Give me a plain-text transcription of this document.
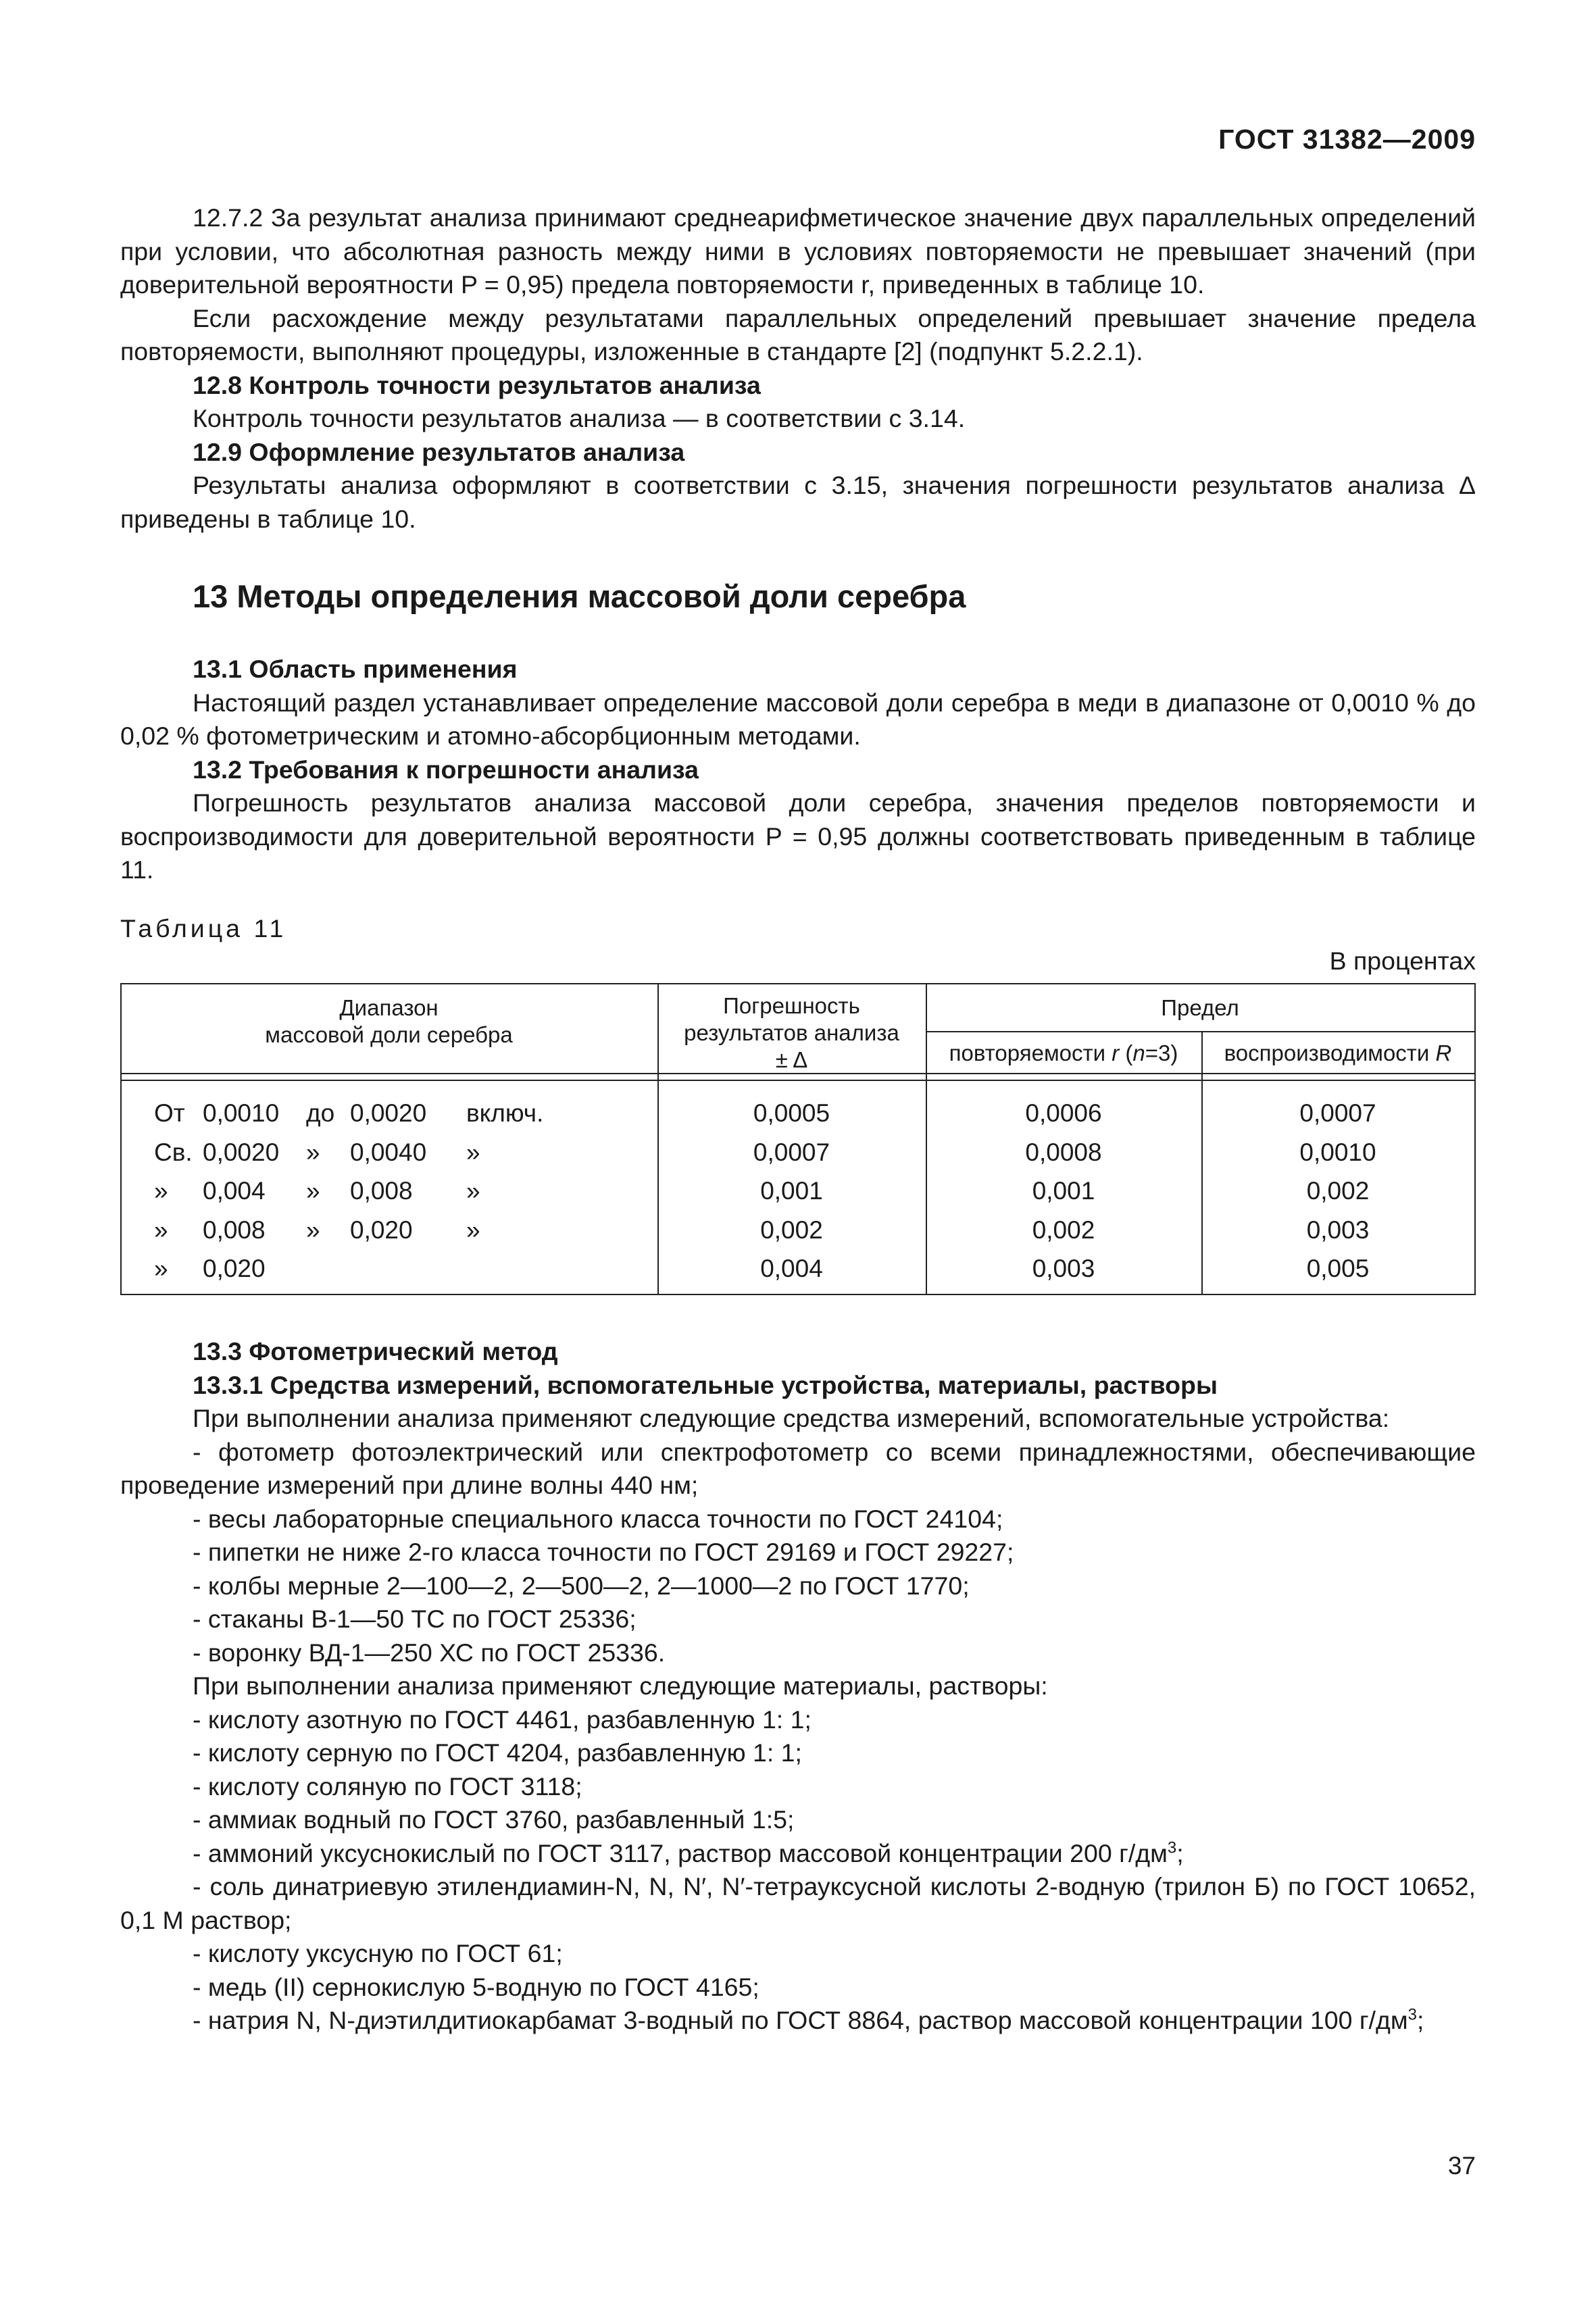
ГОСТ 31382—2009

12.7.2 За результат анализа принимают среднеарифметическое значение двух параллельных определений при условии, что абсолютная разность между ними в условиях повторяемости не превышает значений (при доверительной вероятности P = 0,95) предела повторяемости r, приведенных в таблице 10.

Если расхождение между результатами параллельных определений превышает значение предела повторяемости, выполняют процедуры, изложенные в стандарте [2] (подпункт 5.2.2.1).

12.8 Контроль точности результатов анализа

Контроль точности результатов анализа — в соответствии с 3.14.

12.9 Оформление результатов анализа

Результаты анализа оформляют в соответствии с 3.15, значения погрешности результатов анализа Δ приведены в таблице 10.

13 Методы определения массовой доли серебра

13.1 Область применения

Настоящий раздел устанавливает определение массовой доли серебра в меди в диапазоне от 0,0010 % до 0,02 % фотометрическим и атомно-абсорбционным методами.

13.2 Требования к погрешности анализа

Погрешность результатов анализа массовой доли серебра, значения пределов повторяемости и воспроизводимости для доверительной вероятности P = 0,95 должны соответствовать приведенным в таблице 11.

Таблица 11
В процентах
Диапазон
массовой доли серебра
Погрешность
результатов анализа
± Δ
Предел
повторяемости r (n=3)	воспроизводимости R
От 0,0010 до 0,0020 включ.	0,0005	0,0006	0,0007
Св. 0,0020 » 0,0040 »	0,0007	0,0008	0,0010
» 0,004 » 0,008 »	0,001	0,001	0,002
» 0,008 » 0,020 »	0,002	0,002	0,003
» 0,020	0,004	0,003	0,005

13.3 Фотометрический метод

13.3.1 Средства измерений, вспомогательные устройства, материалы, растворы

При выполнении анализа применяют следующие средства измерений, вспомогательные устройства:

- фотометр фотоэлектрический или спектрофотометр со всеми принадлежностями, обеспечивающие проведение измерений при длине волны 440 нм;

- весы лабораторные специального класса точности по ГОСТ 24104;

- пипетки не ниже 2-го класса точности по ГОСТ 29169 и ГОСТ 29227;

- колбы мерные 2—100—2, 2—500—2, 2—1000—2 по ГОСТ 1770;

- стаканы В-1—50 ТС по ГОСТ 25336;

- воронку ВД-1—250 ХС по ГОСТ 25336.

При выполнении анализа применяют следующие материалы, растворы:

- кислоту азотную по ГОСТ 4461, разбавленную 1: 1;

- кислоту серную по ГОСТ 4204, разбавленную 1: 1;

- кислоту соляную по ГОСТ 3118;

- аммиак водный по ГОСТ 3760, разбавленный 1:5;

- аммоний уксуснокислый по ГОСТ 3117, раствор массовой концентрации 200 $г/дм^3$;

- соль динатриевую этилендиамин-N, N, N′, N′-тетрауксусной кислоты 2-водную (трилон Б) по ГОСТ 10652, 0,1 М раствор;

- кислоту уксусную по ГОСТ 61;

- медь (II) сернокислую 5-водную по ГОСТ 4165;

- натрия N, N-диэтилдитиокарбамат 3-водный по ГОСТ 8864, раствор массовой концентрации 100 $г/дм^3$;

37
